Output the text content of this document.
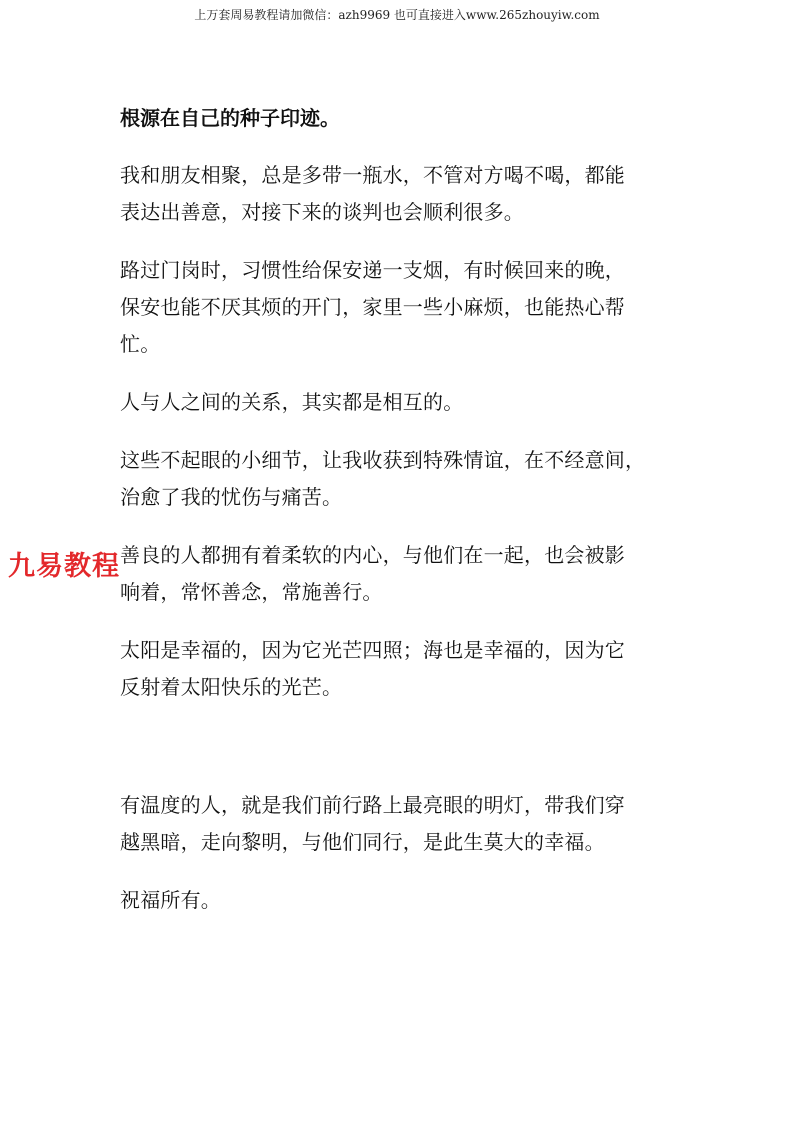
上万套周易教程请加微信：azh9969 也可直接进入www.265zhouyiw.com
根源在自己的种子印迹。
我和朋友相聚，总是多带一瓶水，不管对方喝不喝，都能
表达出善意，对接下来的谈判也会顺利很多。
路过门岗时，习惯性给保安递一支烟，有时候回来的晚，
保安也能不厌其烦的开门，家里一些小麻烦，也能热心帮
忙。
人与人之间的关系，其实都是相互的。
这些不起眼的小细节，让我收获到特殊情谊，在不经意间，
治愈了我的忧伤与痛苦。
善良的人都拥有着柔软的内心，与他们在一起，也会被影
响着，常怀善念，常施善行。
太阳是幸福的，因为它光芒四照；海也是幸福的，因为它
反射着太阳快乐的光芒。
有温度的人，就是我们前行路上最亮眼的明灯，带我们穿
越黑暗，走向黎明，与他们同行，是此生莫大的幸福。
祝福所有。
九易教程
